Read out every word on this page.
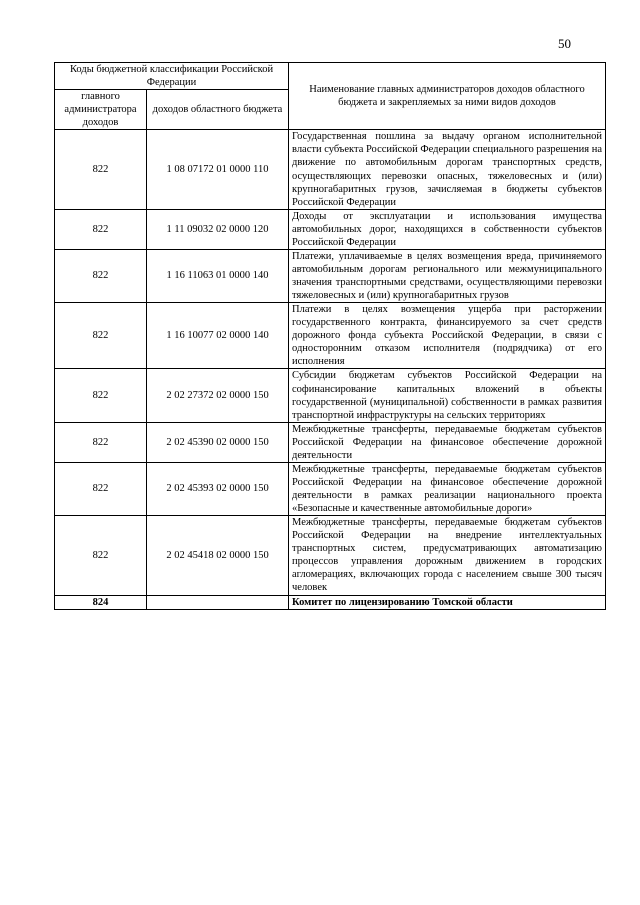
50
Коды бюджетной классификации Российской Федерации		Наименование главных администраторов доходов областного бюджета и закрепляемых за ними видов доходов
главного администратора доходов	доходов областного бюджета	
822	1 08 07172 01 0000 110	Государственная пошлина за выдачу органом исполнительной власти субъекта Российской Федерации специального разрешения на движение по автомобильным дорогам транспортных средств, осуществляющих перевозки опасных, тяжеловесных и (или) крупногабаритных грузов, зачисляемая в бюджеты субъектов Российской Федерации
822	1 11 09032 02 0000 120	Доходы от эксплуатации и использования имущества автомобильных дорог, находящихся в собственности субъектов Российской Федерации
822	1 16 11063 01 0000 140	Платежи, уплачиваемые в целях возмещения вреда, причиняемого автомобильным дорогам регионального или межмуниципального значения транспортными средствами, осуществляющими перевозки тяжеловесных и (или) крупногабаритных грузов
822	1 16 10077 02 0000 140	Платежи в целях возмещения ущерба при расторжении государственного контракта, финансируемого за счет средств дорожного фонда субъекта Российской Федерации, в связи с односторонним отказом исполнителя (подрядчика) от его исполнения
822	2 02 27372 02 0000 150	Субсидии бюджетам субъектов Российской Федерации на софинансирование капитальных вложений в объекты государственной (муниципальной) собственности в рамках развития транспортной инфраструктуры на сельских территориях
822	2 02 45390 02 0000 150	Межбюджетные трансферты, передаваемые бюджетам субъектов Российской Федерации на финансовое обеспечение дорожной деятельности
822	2 02 45393 02 0000 150	Межбюджетные трансферты, передаваемые бюджетам субъектов Российской Федерации на финансовое обеспечение дорожной деятельности в рамках реализации национального проекта «Безопасные и качественные автомобильные дороги»
822	2 02 45418 02 0000 150	Межбюджетные трансферты, передаваемые бюджетам субъектов Российской Федерации на внедрение интеллектуальных транспортных систем, предусматривающих автоматизацию процессов управления дорожным движением в городских агломерациях, включающих города с населением свыше 300 тысяч человек
824		Комитет по лицензированию Томской области
